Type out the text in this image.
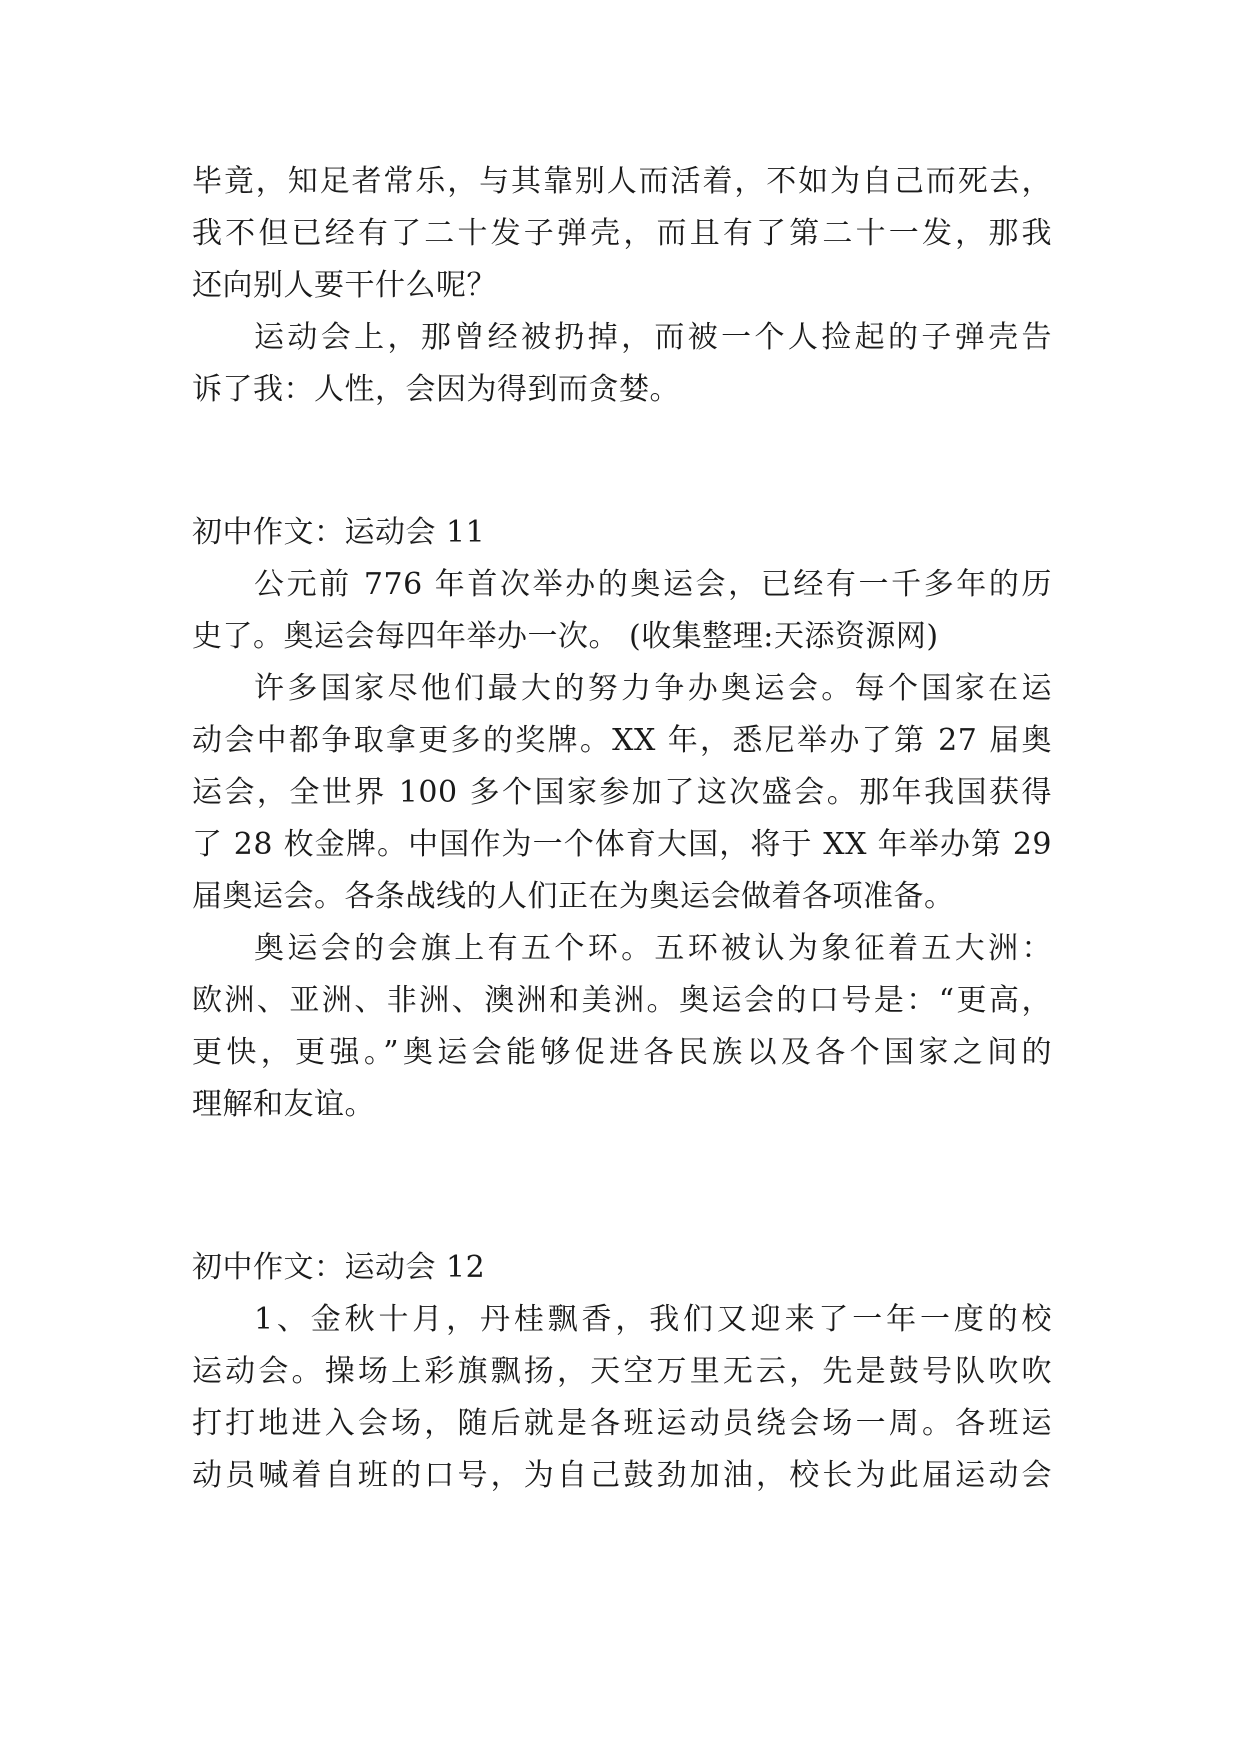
毕竟，知足者常乐，与其靠别人而活着，不如为自己而死去，
我不但已经有了二十发子弹壳，而且有了第二十一发，那我
还向别人要干什么呢？
运动会上，那曾经被扔掉，而被一个人捡起的子弹壳告
诉了我：人性，会因为得到而贪婪。
初中作文：运动会 11
公元前 776 年首次举办的奥运会，已经有一千多年的历
史了。奥运会每四年举办一次。 (收集整理:天添资源网)
许多国家尽他们最大的努力争办奥运会。每个国家在运
动会中都争取拿更多的奖牌。XX 年，悉尼举办了第 27 届奥
运会，全世界 100 多个国家参加了这次盛会。那年我国获得
了 28 枚金牌。中国作为一个体育大国，将于 XX 年举办第 29
届奥运会。各条战线的人们正在为奥运会做着各项准备。
奥运会的会旗上有五个环。五环被认为象征着五大洲：
欧洲、亚洲、非洲、澳洲和美洲。奥运会的口号是：“更高，
更快，更强。”奥运会能够促进各民族以及各个国家之间的
理解和友谊。
初中作文：运动会 12
1、金秋十月，丹桂飘香，我们又迎来了一年一度的校
运动会。操场上彩旗飘扬，天空万里无云，先是鼓号队吹吹
打打地进入会场，随后就是各班运动员绕会场一周。各班运
动员喊着自班的口号，为自己鼓劲加油，校长为此届运动会
